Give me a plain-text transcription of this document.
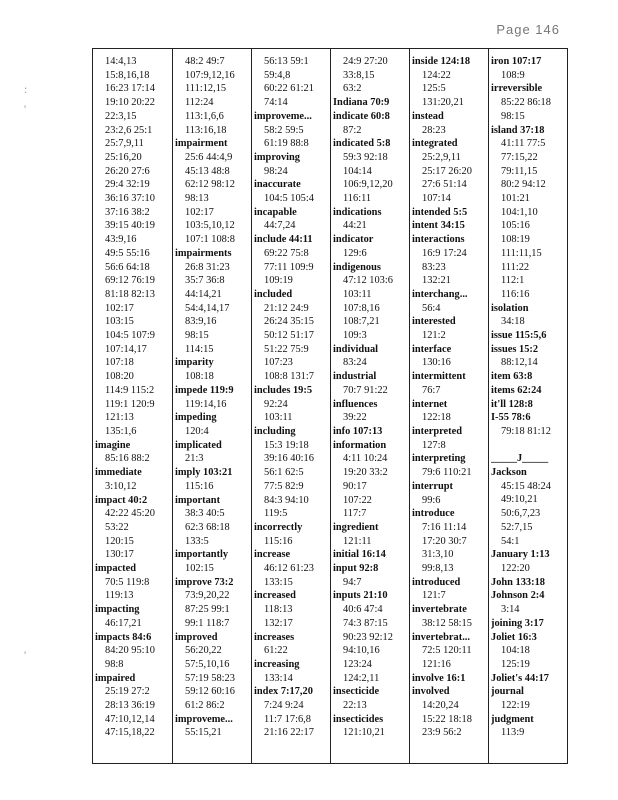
Page 146
14:4,13
15:8,16,18
16:23 17:14
19:10 20:22
22:3,15
23:2,6 25:1
25:7,9,11
25:16,20
26:20 27:6
29:4 32:19
36:16 37:10
37:16 38:2
39:15 40:19
43:9,16
49:5 55:16
56:6 64:18
69:12 76:19
81:18 82:13
102:17
103:15
104:5 107:9
107:14,17
107:18
108:20
114:9 115:2
119:1 120:9
121:13
135:1,6
imagine
85:16 88:2
immediate
3:10,12
impact 40:2
42:22 45:20
53:22
120:15
130:17
impacted
70:5 119:8
119:13
impacting
46:17,21
impacts 84:6
84:20 95:10
98:8
impaired
25:19 27:2
28:13 36:19
47:10,12,14
47:15,18,22
48:2 49:7
107:9,12,16
111:12,15
112:24
113:1,6,6
113:16,18
impairment
25:6 44:4,9
45:13 48:8
62:12 98:12
98:13
102:17
103:5,10,12
107:1 108:8
impairments
26:8 31:23
35:7 36:8
44:14,21
54:4,14,17
83:9,16
98:15
114:15
imparity
108:18
impede 119:9
119:14,16
impeding
120:4
implicated
21:3
imply 103:21
115:16
important
38:3 40:5
62:3 68:18
133:5
importantly
102:15
improve 73:2
73:9,20,22
87:25 99:1
99:1 118:7
improved
56:20,22
57:5,10,16
57:19 58:23
59:12 60:16
61:2 86:2
improveme...
55:15,21
56:13 59:1
59:4,8
60:22 61:21
74:14
improveme...
58:2 59:5
61:19 88:8
improving
98:24
inaccurate
104:5 105:4
incapable
44:7,24
include 44:11
69:22 75:8
77:11 109:9
109:19
included
21:12 24:9
26:24 35:15
50:12 51:17
51:22 75:9
107:23
108:8 131:7
includes 19:5
92:24
103:11
including
15:3 19:18
39:16 40:16
56:1 62:5
77:5 82:9
84:3 94:10
119:5
incorrectly
115:16
increase
46:12 61:23
133:15
increased
118:13
132:17
increases
61:22
increasing
133:14
index 7:17,20
7:24 9:24
11:7 17:6,8
21:16 22:17
24:9 27:20
33:8,15
63:2
Indiana 70:9
indicate 60:8
87:2
indicated 5:8
59:3 92:18
104:14
106:9,12,20
116:11
indications
44:21
indicator
129:6
indigenous
47:12 103:6
103:11
107:8,16
108:7,21
109:3
individual
83:24
industrial
70:7 91:22
influences
39:22
info 107:13
information
4:11 10:24
19:20 33:2
90:17
107:22
117:7
ingredient
121:11
initial 16:14
input 92:8
94:7
inputs 21:10
40:6 47:4
74:3 87:15
90:23 92:12
94:10,16
123:24
124:2,11
insecticide
22:13
insecticides
121:10,21
inside 124:18
124:22
125:5
131:20,21
instead
28:23
integrated
25:2,9,11
25:17 26:20
27:6 51:14
107:14
intended 5:5
intent 34:15
interactions
16:9 17:24
83:23
132:21
interchang...
56:4
interested
121:2
interface
130:16
intermittent
76:7
internet
122:18
interpreted
127:8
interpreting
79:6 110:21
interrupt
99:6
introduce
7:16 11:14
17:20 30:7
31:3,10
99:8,13
introduced
121:7
invertebrate
38:12 58:15
invertebrat...
72:5 120:11
121:16
involve 16:1
involved
14:20,24
15:22 18:18
23:9 56:2
iron 107:17
108:9
irreversible
85:22 86:18
98:15
island 37:18
41:11 77:5
77:15,22
79:11,15
80:2 94:12
101:21
104:1,10
105:16
108:19
111:11,15
111:22
112:1
116:16
isolation
34:18
issue 115:5,6
issues 15:2
88:12,14
item 63:8
items 62:24
it'll 128:8
I-55 78:6
79:18 81:12
_____J_____
Jackson
45:15 48:24
49:10,21
50:6,7,23
52:7,15
54:1
January 1:13
122:20
John 133:18
Johnson 2:4
3:14
joining 3:17
Joliet 16:3
104:18
125:19
Joliet's 44:17
journal
122:19
judgment
113:9
:
'
'
